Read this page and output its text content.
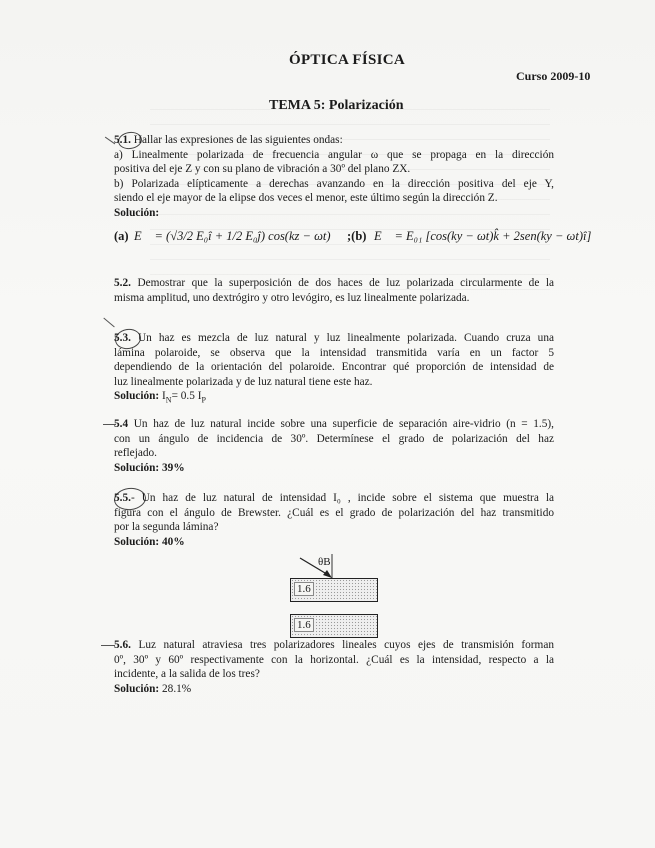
ÓPTICA FÍSICA
Curso 2009-10
TEMA 5: Polarización
5.1. Hallar las expresiones de las siguientes ondas:
a) Linealmente polarizada de frecuencia angular ω que se propaga en la dirección
positiva del eje Z y con su plano de vibración a 30º del plano ZX.
b) Polarizada elípticamente a derechas avanzando en la dirección positiva del eje Y,
siendo el eje mayor de la elipse dos veces el menor, este último según la dirección Z.
Solución:
(a) E⃗ = (√3/2 E₀î + 1/2 E₀ĵ) cos(kz − ωt) ;(b) E⃗ = E₀₁ [cos(ky − ωt)k̂ + 2sen(ky − ωt)î]
5.2. Demostrar que la superposición de dos haces de luz polarizada circularmente de la
misma amplitud, uno dextrógiro y otro levógiro, es luz linealmente polarizada.
5.3. Un haz es mezcla de luz natural y luz linealmente polarizada. Cuando cruza una
lámina polaroide, se observa que la intensidad transmitida varía en un factor 5
dependiendo de la orientación del polaroide. Encontrar qué proporción de intensidad de
luz linealmente polarizada y de luz natural tiene este haz.
Solución: $I_N= 0.5$ $I_P$
5.4 Un haz de luz natural incide sobre una superficie de separación aire-vidrio (n = 1.5),
con un ángulo de incidencia de 30º. Determínese el grado de polarización del haz
reflejado.
Solución: 39%
5.5.- Un haz de luz natural de intensidad I₀ , incide sobre el sistema que muestra la
figura con el ángulo de Brewster. ¿Cuál es el grado de polarización del haz transmitido
por la segunda lámina?
Solución: 40%
θB
1.6
1.6
5.6. Luz natural atraviesa tres polarizadores lineales cuyos ejes de transmisión forman
0º, 30º y 60º respectivamente con la horizontal. ¿Cuál es la intensidad, respecto a la
incidente, a la salida de los tres?
Solución: 28.1%
